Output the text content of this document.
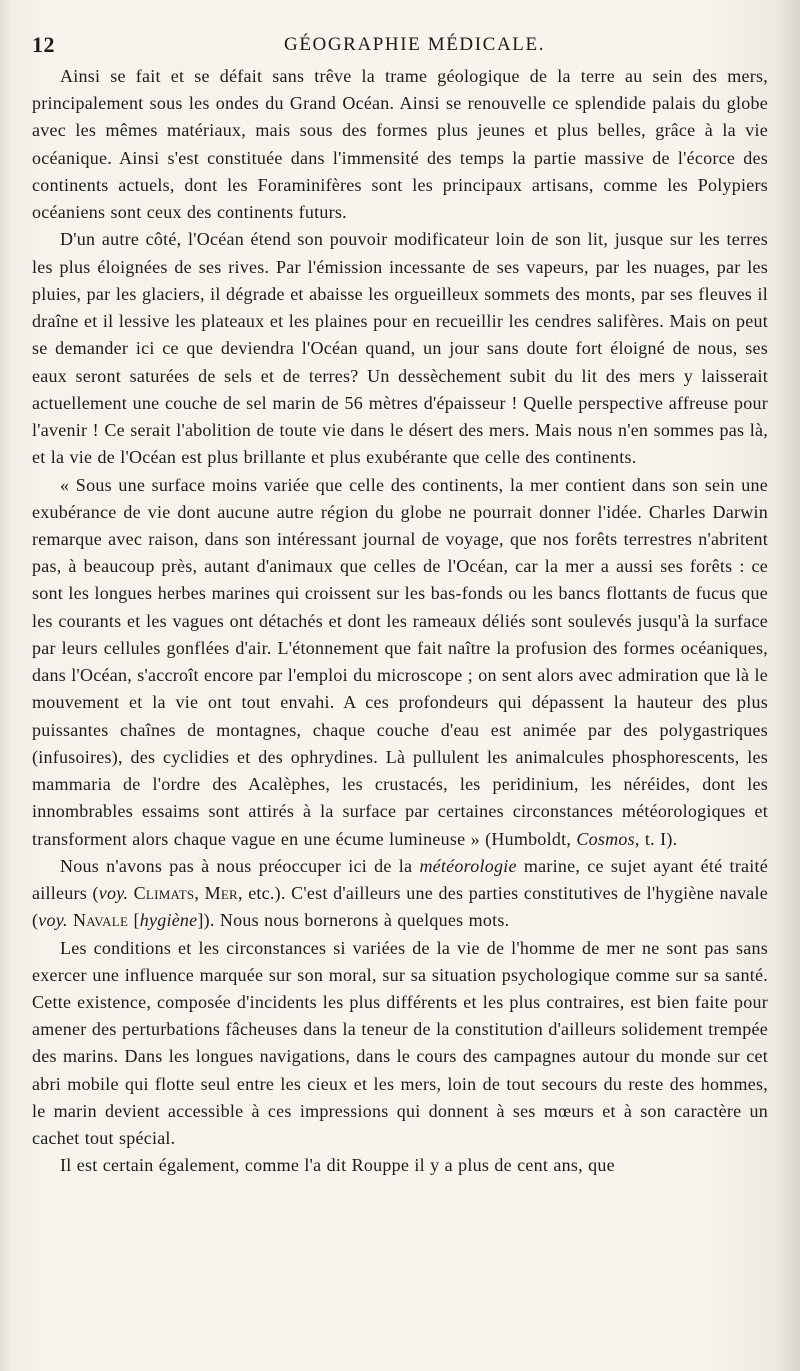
12	GÉOGRAPHIE MÉDICALE.

Ainsi se fait et se défait sans trêve la trame géologique de la terre au sein des mers, principalement sous les ondes du Grand Océan. Ainsi se renouvelle ce splendide palais du globe avec les mêmes matériaux, mais sous des formes plus jeunes et plus belles, grâce à la vie océanique. Ainsi s'est constituée dans l'immensité des temps la partie massive de l'écorce des continents actuels, dont les Foraminifères sont les principaux artisans, comme les Polypiers océaniens sont ceux des continents futurs.

D'un autre côté, l'Océan étend son pouvoir modificateur loin de son lit, jusque sur les terres les plus éloignées de ses rives. Par l'émission incessante de ses vapeurs, par les nuages, par les pluies, par les glaciers, il dégrade et abaisse les orgueilleux sommets des monts, par ses fleuves il draîne et il lessive les plateaux et les plaines pour en recueillir les cendres salifères. Mais on peut se demander ici ce que deviendra l'Océan quand, un jour sans doute fort éloigné de nous, ses eaux seront saturées de sels et de terres? Un dessèchement subit du lit des mers y laisserait actuellement une couche de sel marin de 56 mètres d'épaisseur ! Quelle perspective affreuse pour l'avenir ! Ce serait l'abolition de toute vie dans le désert des mers. Mais nous n'en sommes pas là, et la vie de l'Océan est plus brillante et plus exubérante que celle des continents.

« Sous une surface moins variée que celle des continents, la mer contient dans son sein une exubérance de vie dont aucune autre région du globe ne pourrait donner l'idée. Charles Darwin remarque avec raison, dans son intéressant journal de voyage, que nos forêts terrestres n'abritent pas, à beaucoup près, autant d'animaux que celles de l'Océan, car la mer a aussi ses forêts : ce sont les longues herbes marines qui croissent sur les bas-fonds ou les bancs flottants de fucus que les courants et les vagues ont détachés et dont les rameaux déliés sont soulevés jusqu'à la surface par leurs cellules gonflées d'air. L'étonnement que fait naître la profusion des formes océaniques, dans l'Océan, s'accroît encore par l'emploi du microscope ; on sent alors avec admiration que là le mouvement et la vie ont tout envahi. A ces profondeurs qui dépassent la hauteur des plus puissantes chaînes de montagnes, chaque couche d'eau est animée par des polygastriques (infusoires), des cyclidies et des ophrydines. Là pullulent les animalcules phosphorescents, les mammaria de l'ordre des Acalèphes, les crustacés, les peridinium, les néréides, dont les innombrables essaims sont attirés à la surface par certaines circonstances météorologiques et transforment alors chaque vague en une écume lumineuse » (Humboldt, Cosmos, t. I).

Nous n'avons pas à nous préoccuper ici de la météorologie marine, ce sujet ayant été traité ailleurs (voy. Climats, Mer, etc.). C'est d'ailleurs une des parties constitutives de l'hygiène navale (voy. Navale [hygiène]). Nous nous bornerons à quelques mots.

Les conditions et les circonstances si variées de la vie de l'homme de mer ne sont pas sans exercer une influence marquée sur son moral, sur sa situation psychologique comme sur sa santé. Cette existence, composée d'incidents les plus différents et les plus contraires, est bien faite pour amener des perturbations fâcheuses dans la teneur de la constitution d'ailleurs solidement trempée des marins. Dans les longues navigations, dans le cours des campagnes autour du monde sur cet abri mobile qui flotte seul entre les cieux et les mers, loin de tout secours du reste des hommes, le marin devient accessible à ces impressions qui donnent à ses mœurs et à son caractère un cachet tout spécial.

Il est certain également, comme l'a dit Rouppe il y a plus de cent ans, que
